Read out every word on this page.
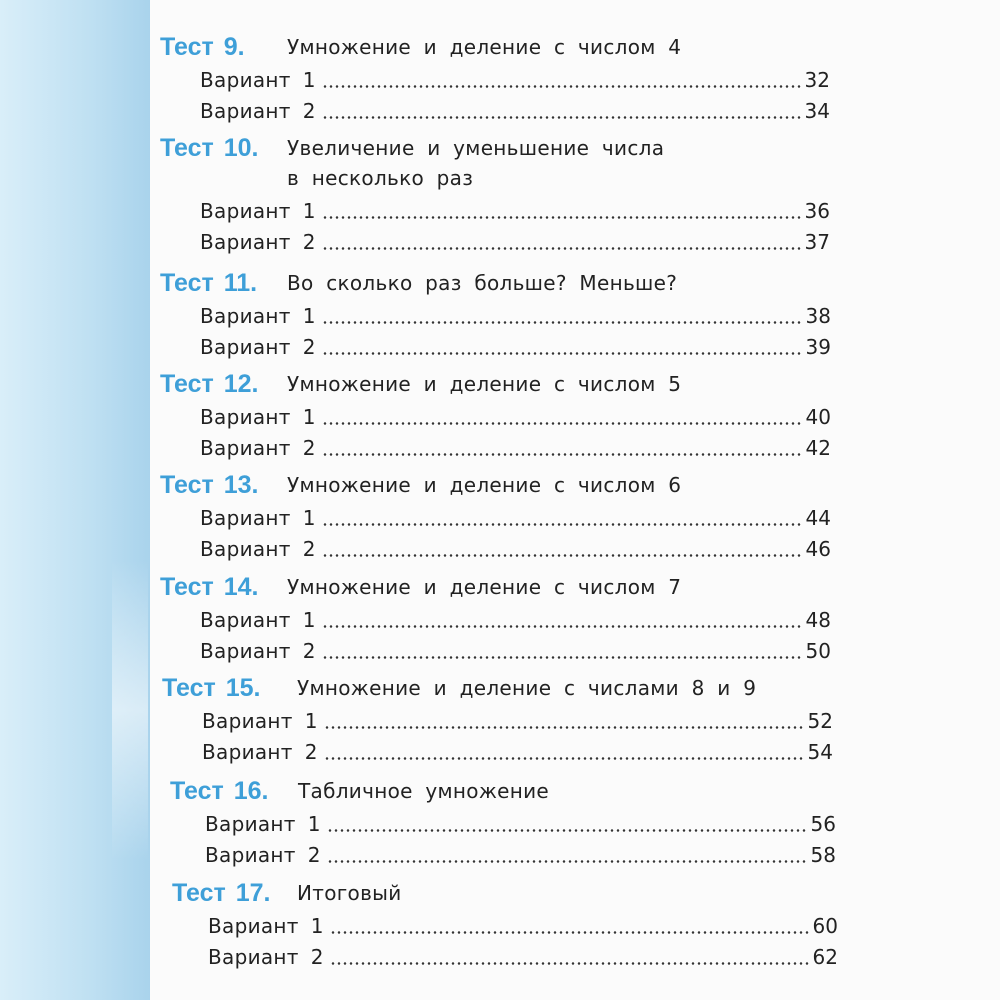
Тест 9. Умножение и деление с числом 4
Вариант 1	32
Вариант 2	34
Тест 10. Увеличение и уменьшение числа
в несколько раз
Вариант 1	36
Вариант 2	37
Тест 11. Во сколько раз больше? Меньше?
Вариант 1	38
Вариант 2	39
Тест 12. Умножение и деление с числом 5
Вариант 1	40
Вариант 2	42
Тест 13. Умножение и деление с числом 6
Вариант 1	44
Вариант 2	46
Тест 14. Умножение и деление с числом 7
Вариант 1	48
Вариант 2	50
Тест 15. Умножение и деление с числами 8 и 9
Вариант 1	52
Вариант 2	54
Тест 16. Табличное умножение
Вариант 1	56
Вариант 2	58
Тест 17. Итоговый
Вариант 1	60
Вариант 2	62
